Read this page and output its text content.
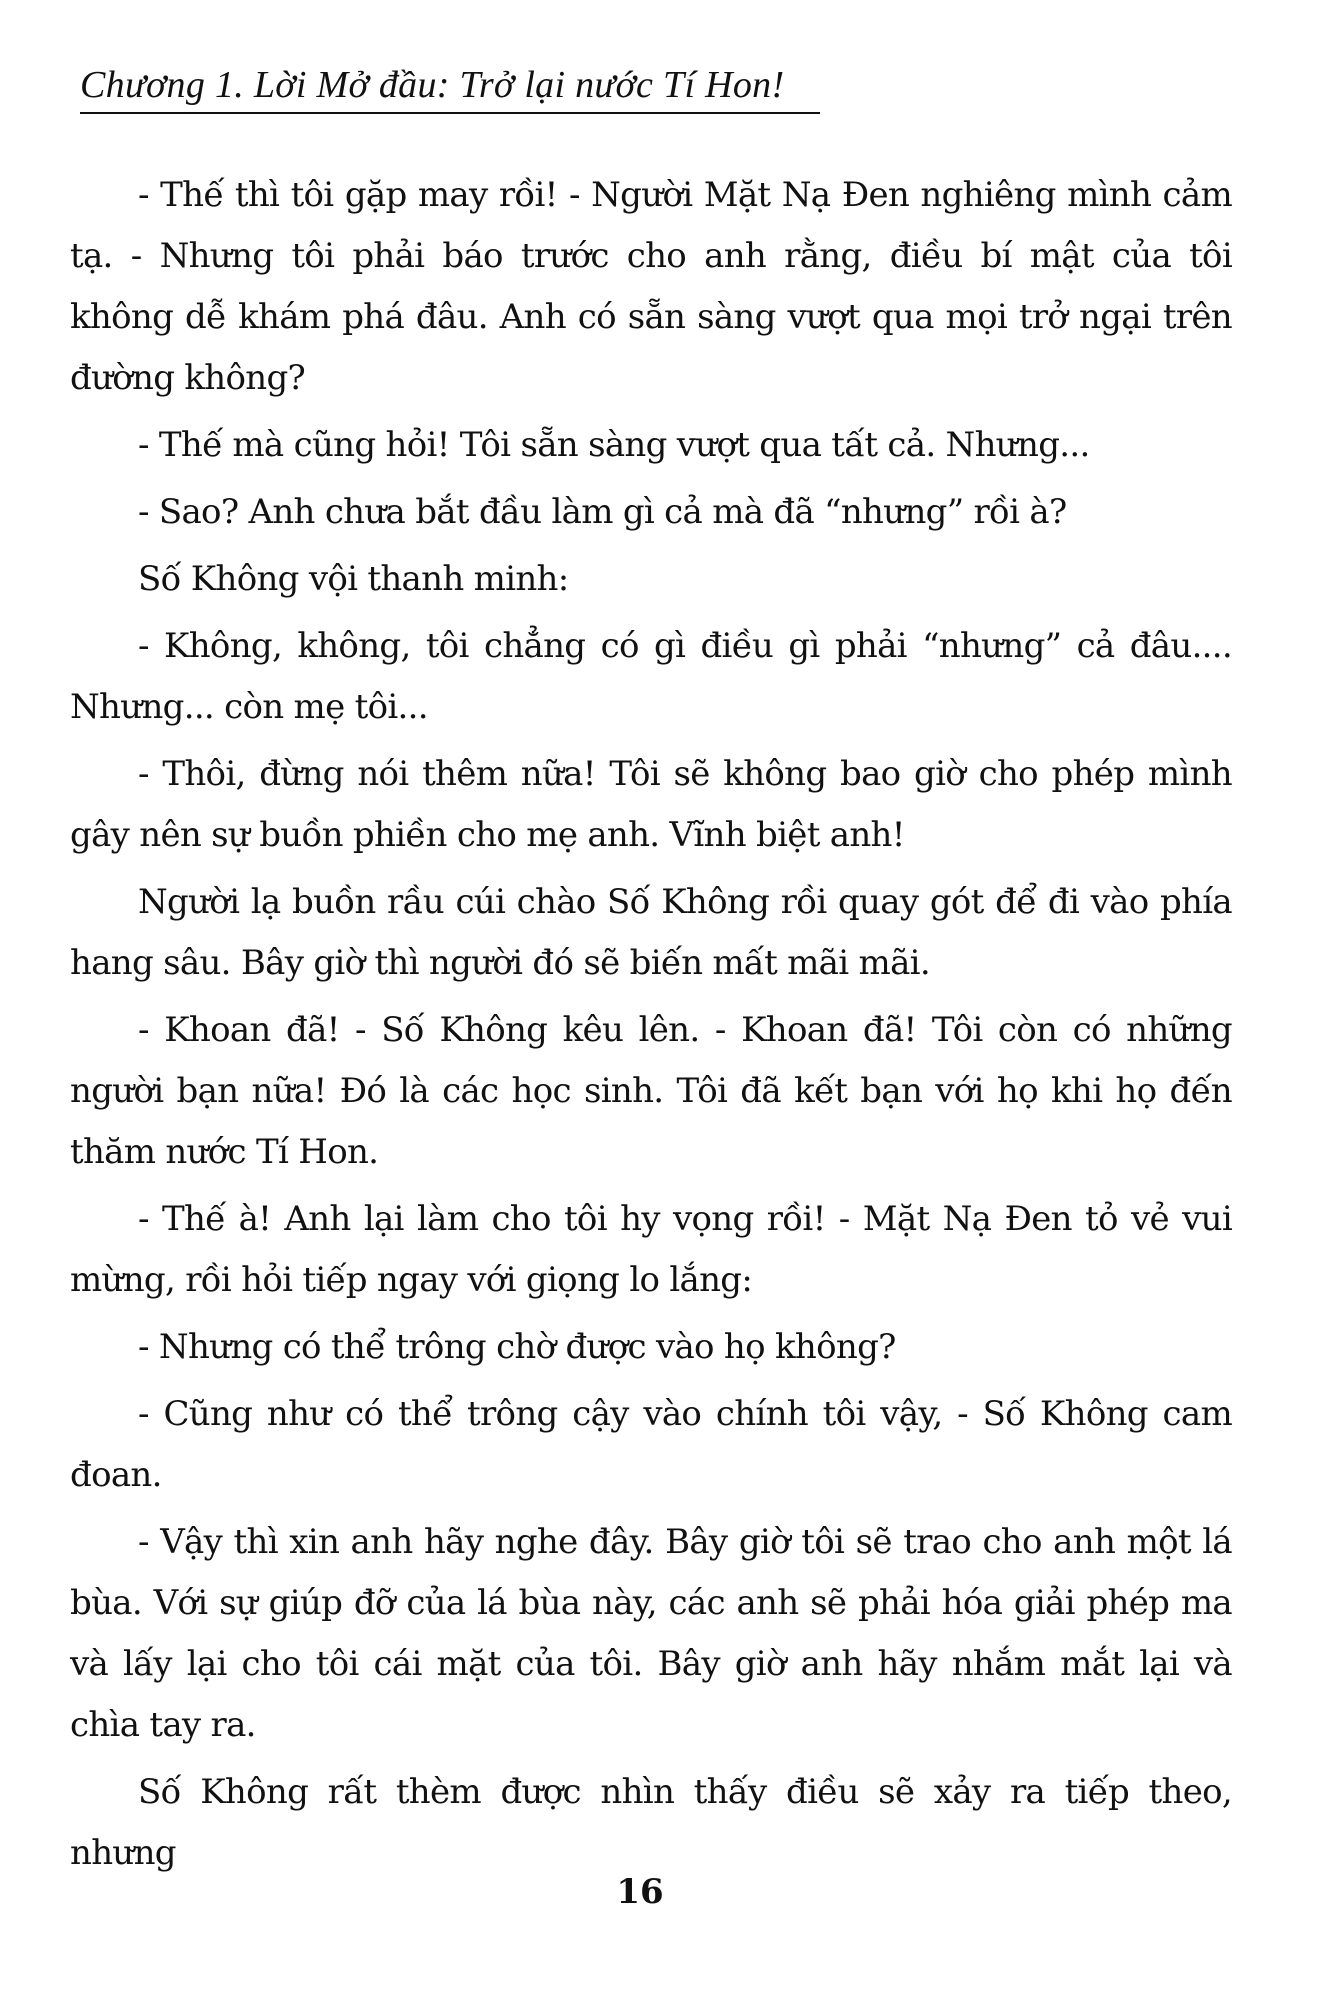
Chương 1. Lời Mở đầu: Trở lại nước Tí Hon!

- Thế thì tôi gặp may rồi! - Người Mặt Nạ Đen nghiêng mình cảm tạ. - Nhưng tôi phải báo trước cho anh rằng, điều bí mật của tôi không dễ khám phá đâu. Anh có sẵn sàng vượt qua mọi trở ngại trên đường không?

- Thế mà cũng hỏi! Tôi sẵn sàng vượt qua tất cả. Nhưng...

- Sao? Anh chưa bắt đầu làm gì cả mà đã “nhưng” rồi à?

Số Không vội thanh minh:

- Không, không, tôi chẳng có gì điều gì phải “nhưng” cả đâu.... Nhưng... còn mẹ tôi...

- Thôi, đừng nói thêm nữa! Tôi sẽ không bao giờ cho phép mình gây nên sự buồn phiền cho mẹ anh. Vĩnh biệt anh!

Người lạ buồn rầu cúi chào Số Không rồi quay gót để đi vào phía hang sâu. Bây giờ thì người đó sẽ biến mất mãi mãi.

- Khoan đã! - Số Không kêu lên. - Khoan đã! Tôi còn có những người bạn nữa! Đó là các học sinh. Tôi đã kết bạn với họ khi họ đến thăm nước Tí Hon.

- Thế à! Anh lại làm cho tôi hy vọng rồi! - Mặt Nạ Đen tỏ vẻ vui mừng, rồi hỏi tiếp ngay với giọng lo lắng:

- Nhưng có thể trông chờ được vào họ không?

- Cũng như có thể trông cậy vào chính tôi vậy, - Số Không cam đoan.

- Vậy thì xin anh hãy nghe đây. Bây giờ tôi sẽ trao cho anh một lá bùa. Với sự giúp đỡ của lá bùa này, các anh sẽ phải hóa giải phép ma và lấy lại cho tôi cái mặt của tôi. Bây giờ anh hãy nhắm mắt lại và chìa tay ra.

Số Không rất thèm được nhìn thấy điều sẽ xảy ra tiếp theo, nhưng

16
